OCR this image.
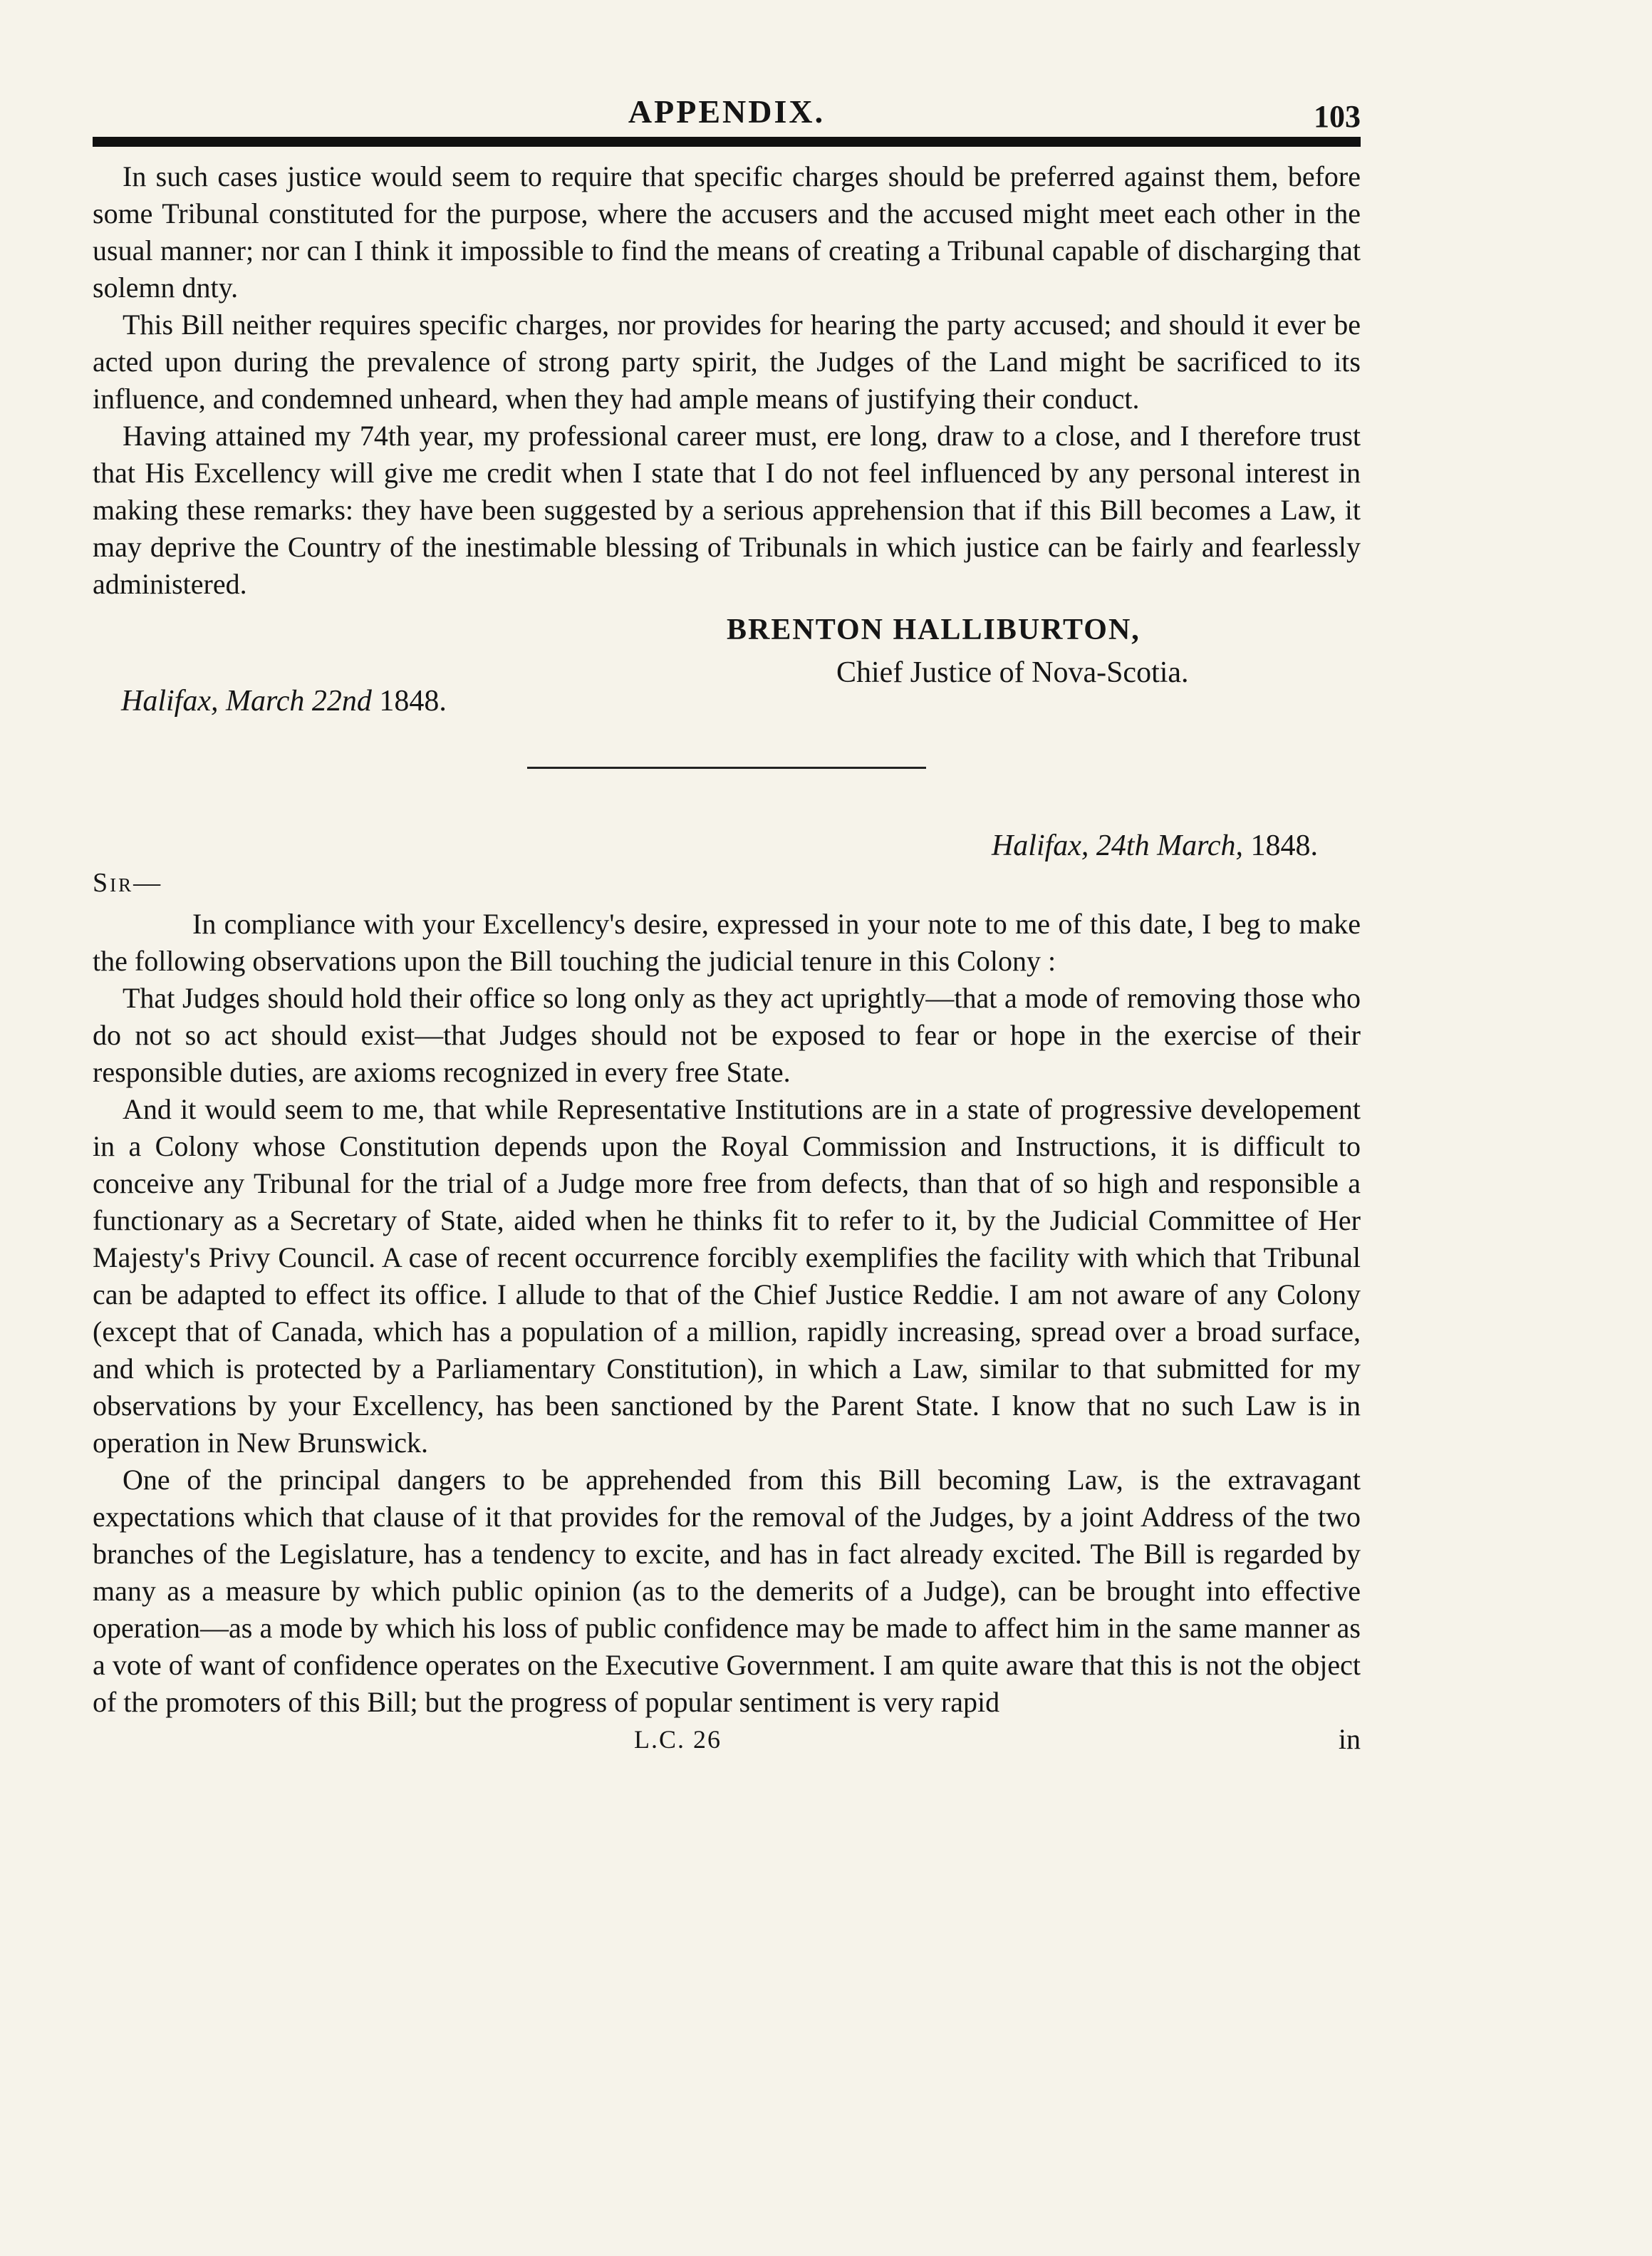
APPENDIX.	103

In such cases justice would seem to require that specific charges should be preferred against them, before some Tribunal constituted for the purpose, where the accusers and the accused might meet each other in the usual manner; nor can I think it impossible to find the means of creating a Tribunal capable of discharging that solemn dnty.

This Bill neither requires specific charges, nor provides for hearing the party accused; and should it ever be acted upon during the prevalence of strong party spirit, the Judges of the Land might be sacrificed to its influence, and condemned unheard, when they had ample means of justifying their conduct.

Having attained my 74th year, my professional career must, ere long, draw to a close, and I therefore trust that His Excellency will give me credit when I state that I do not feel influenced by any personal interest in making these remarks: they have been suggested by a serious apprehension that if this Bill becomes a Law, it may deprive the Country of the inestimable blessing of Tribunals in which justice can be fairly and fearlessly administered.

BRENTON HALLIBURTON,
Chief Justice of Nova-Scotia.
Halifax, March 22nd 1848.
Halifax, 24th March, 1848.
Sir—

In compliance with your Excellency's desire, expressed in your note to me of this date, I beg to make the following observations upon the Bill touching the judicial tenure in this Colony :

That Judges should hold their office so long only as they act uprightly—that a mode of removing those who do not so act should exist—that Judges should not be exposed to fear or hope in the exercise of their responsible duties, are axioms recognized in every free State.

And it would seem to me, that while Representative Institutions are in a state of progressive developement in a Colony whose Constitution depends upon the Royal Commission and Instructions, it is difficult to conceive any Tribunal for the trial of a Judge more free from defects, than that of so high and responsible a functionary as a Secretary of State, aided when he thinks fit to refer to it, by the Judicial Committee of Her Majesty's Privy Council. A case of recent occurrence forcibly exemplifies the facility with which that Tribunal can be adapted to effect its office. I allude to that of the Chief Justice Reddie. I am not aware of any Colony (except that of Canada, which has a population of a million, rapidly increasing, spread over a broad surface, and which is protected by a Parliamentary Constitution), in which a Law, similar to that submitted for my observations by your Excellency, has been sanctioned by the Parent State. I know that no such Law is in operation in New Brunswick.

One of the principal dangers to be apprehended from this Bill becoming Law, is the extravagant expectations which that clause of it that provides for the removal of the Judges, by a joint Address of the two branches of the Legislature, has a tendency to excite, and has in fact already excited. The Bill is regarded by many as a measure by which public opinion (as to the demerits of a Judge), can be brought into effective operation—as a mode by which his loss of public confidence may be made to affect him in the same manner as a vote of want of confidence operates on the Executive Government. I am quite aware that this is not the object of the promoters of this Bill; but the progress of popular sentiment is very rapid

L.C. 26	in
